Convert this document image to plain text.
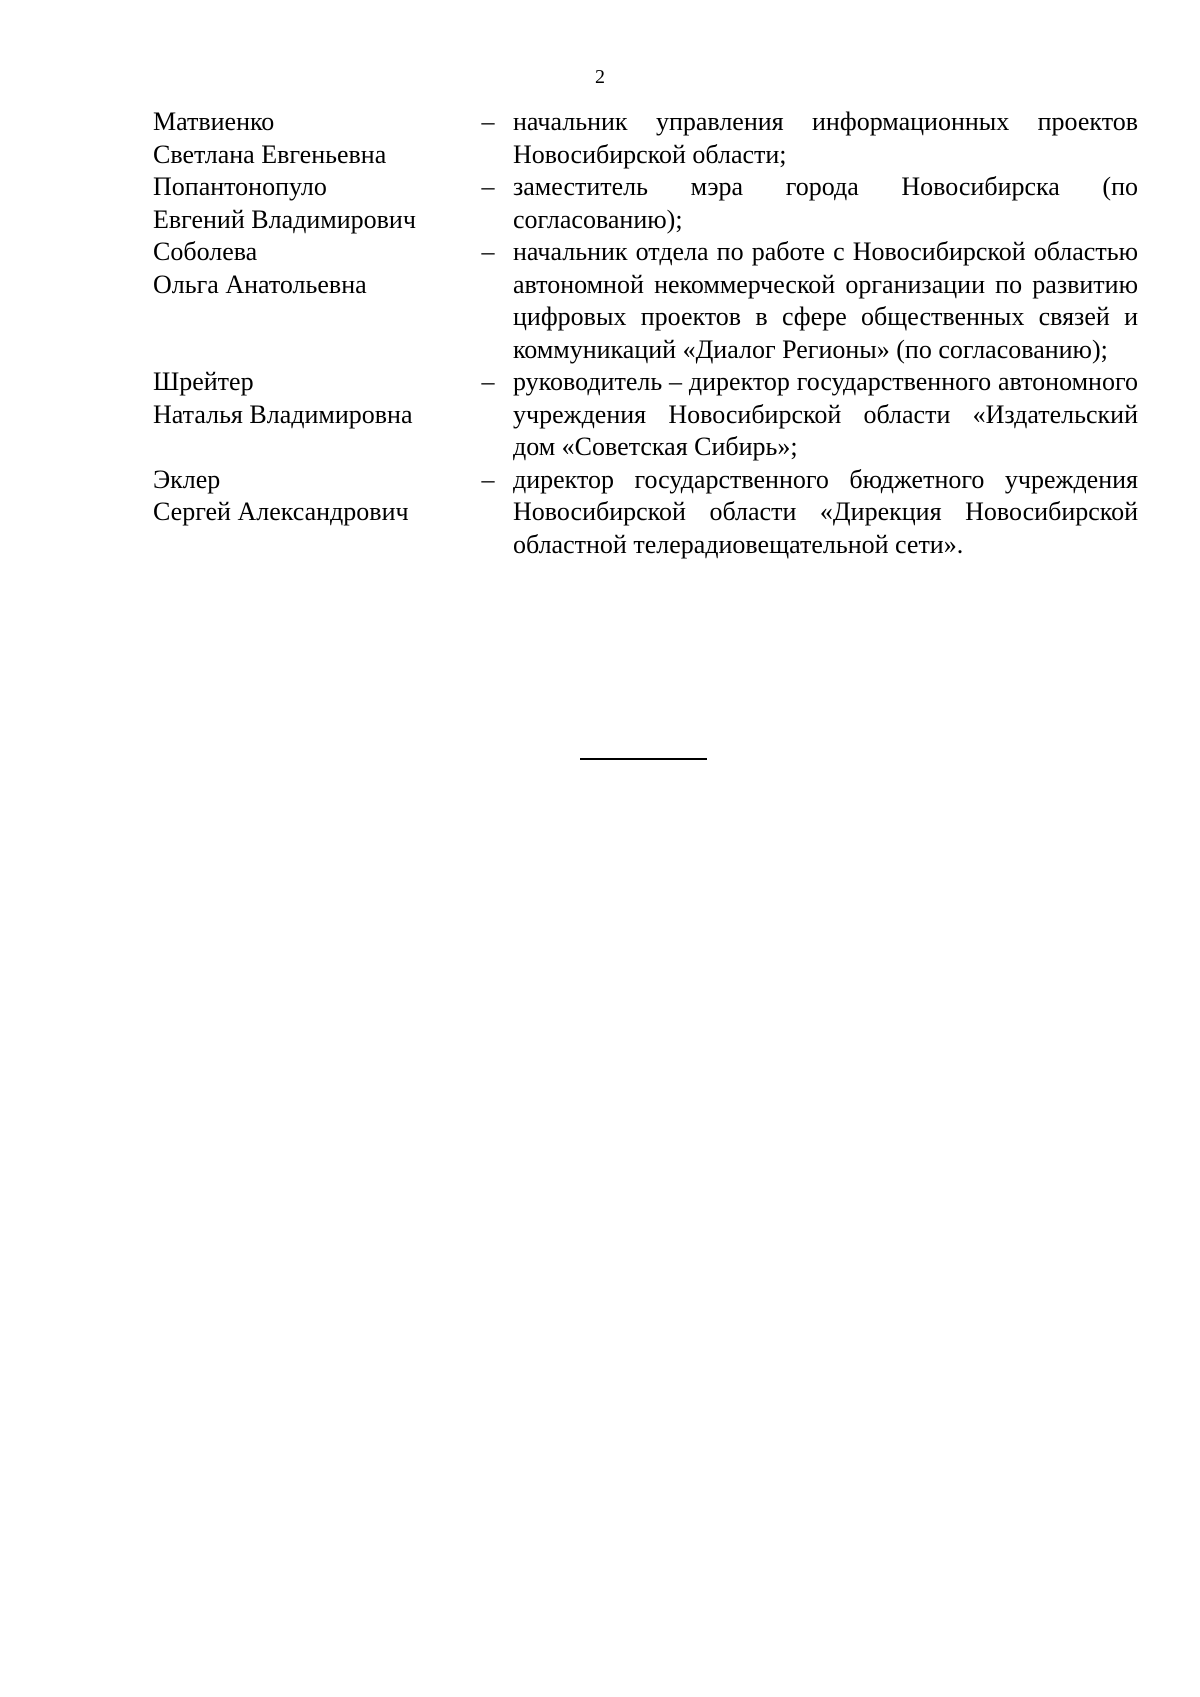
2
Матвиенко
Светлана Евгеньевна
– начальник управления информационных проектов Новосибирской области;
Попантонопуло
Евгений Владимирович
– заместитель мэра города Новосибирска (по согласованию);
Соболева
Ольга Анатольевна
– начальник отдела по работе с Новосибирской областью автономной некоммерческой организации по развитию цифровых проектов в сфере общественных связей и коммуникаций «Диалог Регионы» (по согласованию);
Шрейтер
Наталья Владимировна
– руководитель – директор государственного автономного учреждения Новосибирской области «Издательский дом «Советская Сибирь»;
Эклер
Сергей Александрович
– директор государственного бюджетного учреждения Новосибирской области «Дирекция Новосибирской областной телерадиовещательной сети».
